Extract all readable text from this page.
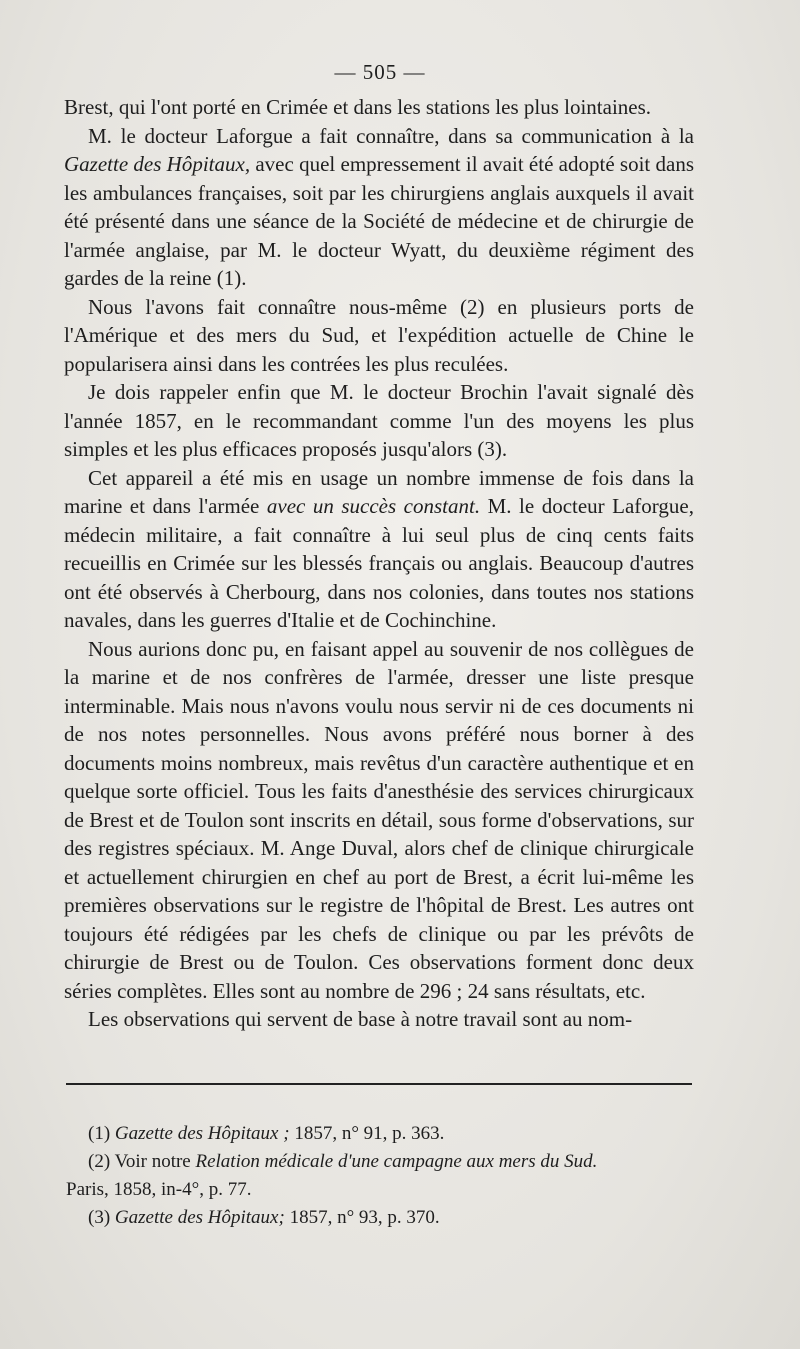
— 505 —

Brest, qui l'ont porté en Crimée et dans les stations les plus lointaines.

M. le docteur Laforgue a fait connaître, dans sa communication à la Gazette des Hôpitaux, avec quel empressement il avait été adopté soit dans les ambulances françaises, soit par les chirurgiens anglais auxquels il avait été présenté dans une séance de la Société de médecine et de chirurgie de l'armée anglaise, par M. le docteur Wyatt, du deuxième régiment des gardes de la reine (1).

Nous l'avons fait connaître nous-même (2) en plusieurs ports de l'Amérique et des mers du Sud, et l'expédition actuelle de Chine le popularisera ainsi dans les contrées les plus reculées.

Je dois rappeler enfin que M. le docteur Brochin l'avait signalé dès l'année 1857, en le recommandant comme l'un des moyens les plus simples et les plus efficaces proposés jusqu'alors (3).

Cet appareil a été mis en usage un nombre immense de fois dans la marine et dans l'armée avec un succès constant. M. le docteur Laforgue, médecin militaire, a fait connaître à lui seul plus de cinq cents faits recueillis en Crimée sur les blessés français ou anglais. Beaucoup d'autres ont été observés à Cherbourg, dans nos colonies, dans toutes nos stations navales, dans les guerres d'Italie et de Cochinchine.

Nous aurions donc pu, en faisant appel au souvenir de nos collègues de la marine et de nos confrères de l'armée, dresser une liste presque interminable. Mais nous n'avons voulu nous servir ni de ces documents ni de nos notes personnelles. Nous avons préféré nous borner à des documents moins nombreux, mais revêtus d'un caractère authentique et en quelque sorte officiel. Tous les faits d'anesthésie des services chirurgicaux de Brest et de Toulon sont inscrits en détail, sous forme d'observations, sur des registres spéciaux. M. Ange Duval, alors chef de clinique chirurgicale et actuellement chirurgien en chef au port de Brest, a écrit lui-même les premières observations sur le registre de l'hôpital de Brest. Les autres ont toujours été rédigées par les chefs de clinique ou par les prévôts de chirurgie de Brest ou de Toulon. Ces observations forment donc deux séries complètes. Elles sont au nombre de 296 ; 24 sans résultats, etc.

Les observations qui servent de base à notre travail sont au nom-

(1) Gazette des Hôpitaux ; 1857, n° 91, p. 363.

(2) Voir notre Relation médicale d'une campagne aux mers du Sud.

Paris, 1858, in-4°, p. 77.

(3) Gazette des Hôpitaux; 1857, n° 93, p. 370.
